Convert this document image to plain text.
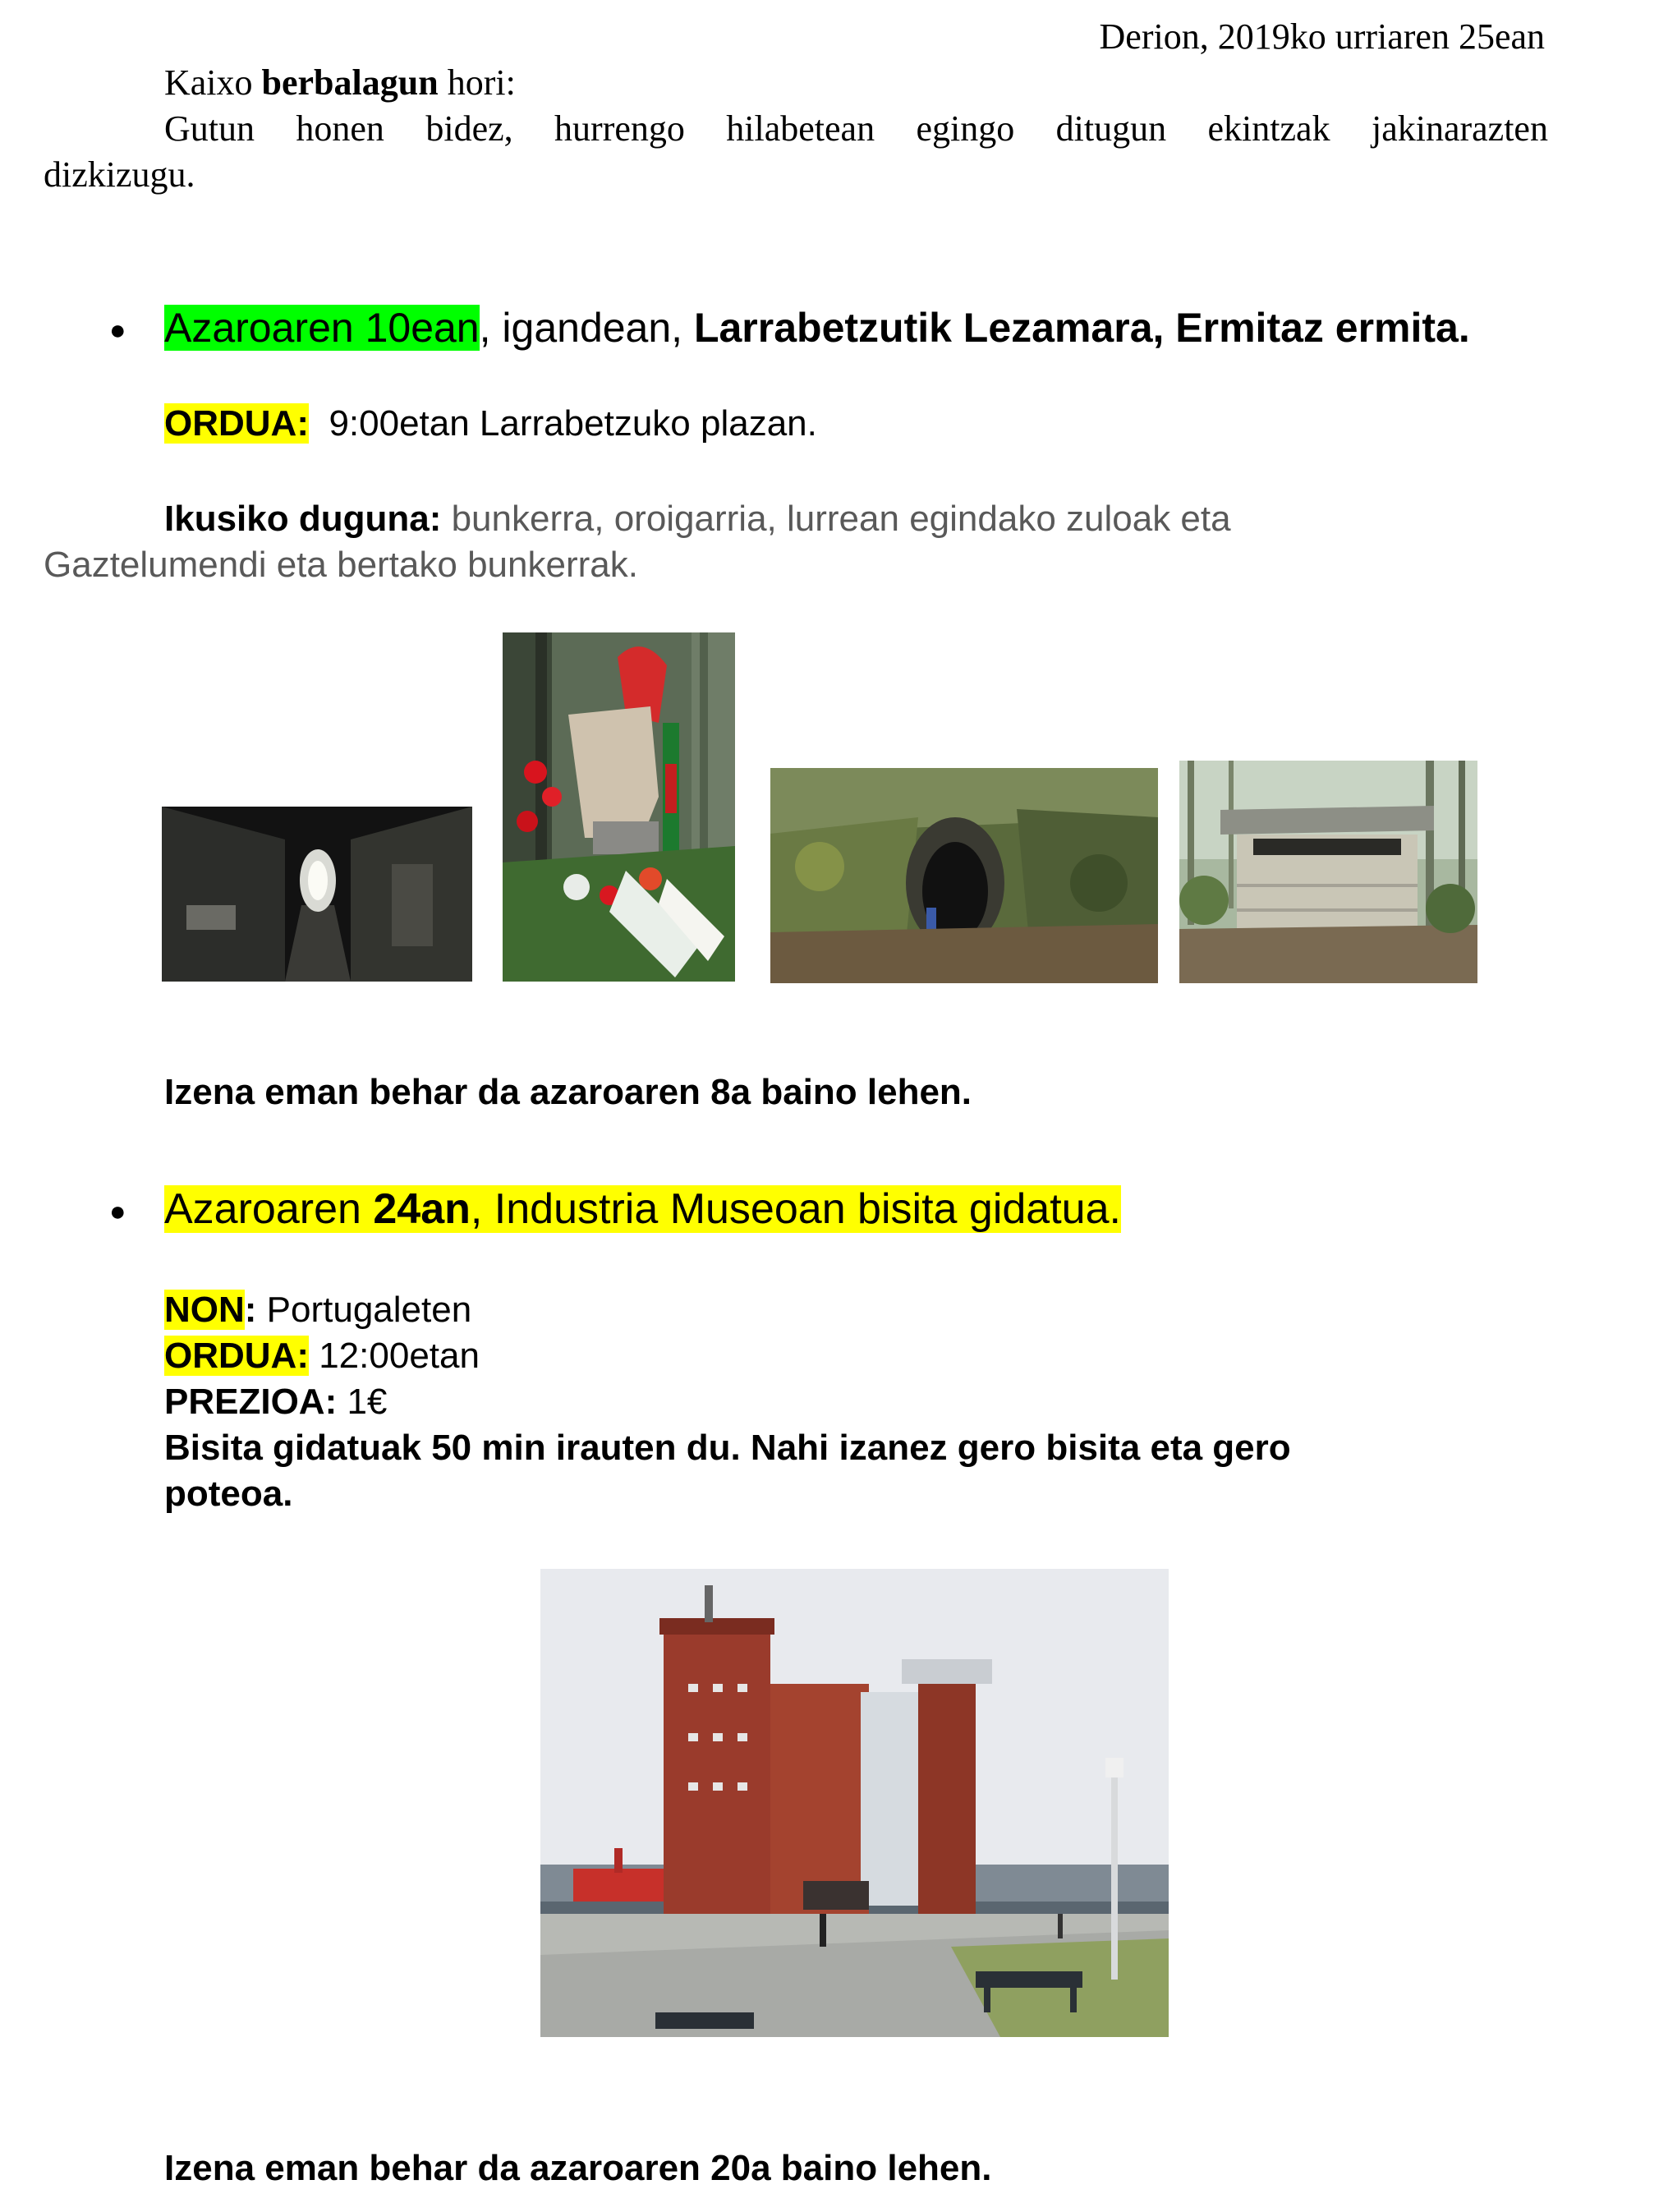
Derion, 2019ko urriaren 25ean
Kaixo berbalagun hori:
Gutun honen bidez, hurrengo hilabetean egingo ditugun ekintzak jakinarazten
dizkizugu.
● Azaroaren 10ean, igandean, Larrabetzutik Lezamara, Ermitaz ermita.
ORDUA: 9:00etan Larrabetzuko plazan.
Ikusiko duguna: bunkerra, oroigarria, lurrean egindako zuloak eta
Gaztelumendi eta bertako bunkerrak.
Izena eman behar da azaroaren 8a baino lehen.
● Azaroaren 24an, Industria Museoan bisita gidatua.
NON: Portugaleten
ORDUA: 12:00etan
PREZIOA: 1€
Bisita gidatuak 50 min irauten du. Nahi izanez gero bisita eta gero
poteoa.
Izena eman behar da azaroaren 20a baino lehen.
